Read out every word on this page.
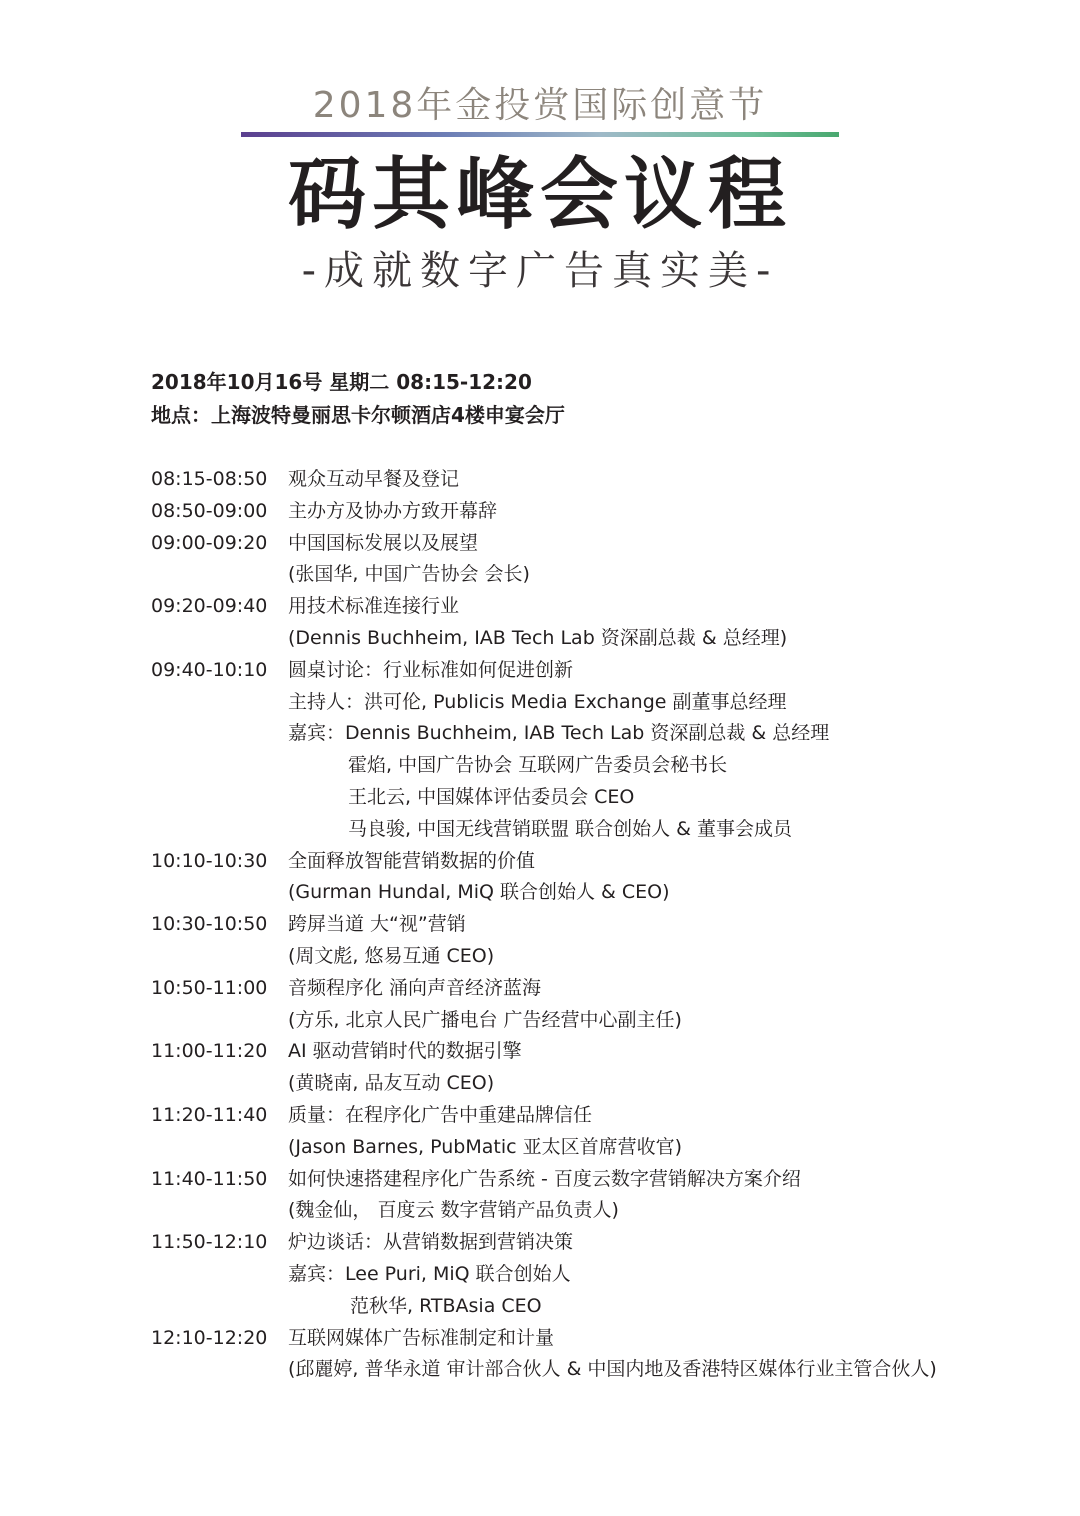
2018年金投赏国际创意节
码其峰会议程
-成就数字广告真实美-
2018年10月16号 星期二 08:15-12:20
地点：上海波特曼丽思卡尔顿酒店4楼申宴会厅
08:15-08:50 观众互动早餐及登记
08:50-09:00 主办方及协办方致开幕辞
09:00-09:20 中国国标发展以及展望
(张国华, 中国广告协会 会长)
09:20-09:40 用技术标准连接行业
(Dennis Buchheim, IAB Tech Lab 资深副总裁 & 总经理)
09:40-10:10 圆桌讨论：行业标准如何促进创新
主持人：洪可伦, Publicis Media Exchange 副董事总经理
嘉宾：Dennis Buchheim, IAB Tech Lab 资深副总裁 & 总经理
霍焰, 中国广告协会 互联网广告委员会秘书长
王北云, 中国媒体评估委员会 CEO
马良骏, 中国无线营销联盟 联合创始人 & 董事会成员
10:10-10:30 全面释放智能营销数据的价值
(Gurman Hundal, MiQ 联合创始人 & CEO)
10:30-10:50 跨屏当道 大“视”营销
(周文彪, 悠易互通 CEO)
10:50-11:00 音频程序化 涌向声音经济蓝海
(方乐, 北京人民广播电台 广告经营中心副主任)
11:00-11:20 AI 驱动营销时代的数据引擎
(黄晓南, 品友互动 CEO)
11:20-11:40 质量：在程序化广告中重建品牌信任
(Jason Barnes, PubMatic 亚太区首席营收官)
11:40-11:50 如何快速搭建程序化广告系统 - 百度云数字营销解决方案介绍
(魏金仙， 百度云 数字营销产品负责人)
11:50-12:10 炉边谈话：从营销数据到营销决策
嘉宾：Lee Puri, MiQ 联合创始人
范秋华, RTBAsia CEO
12:10-12:20 互联网媒体广告标准制定和计量
(邱麗婷, 普华永道 审计部合伙人 & 中国内地及香港特区媒体行业主管合伙人)
